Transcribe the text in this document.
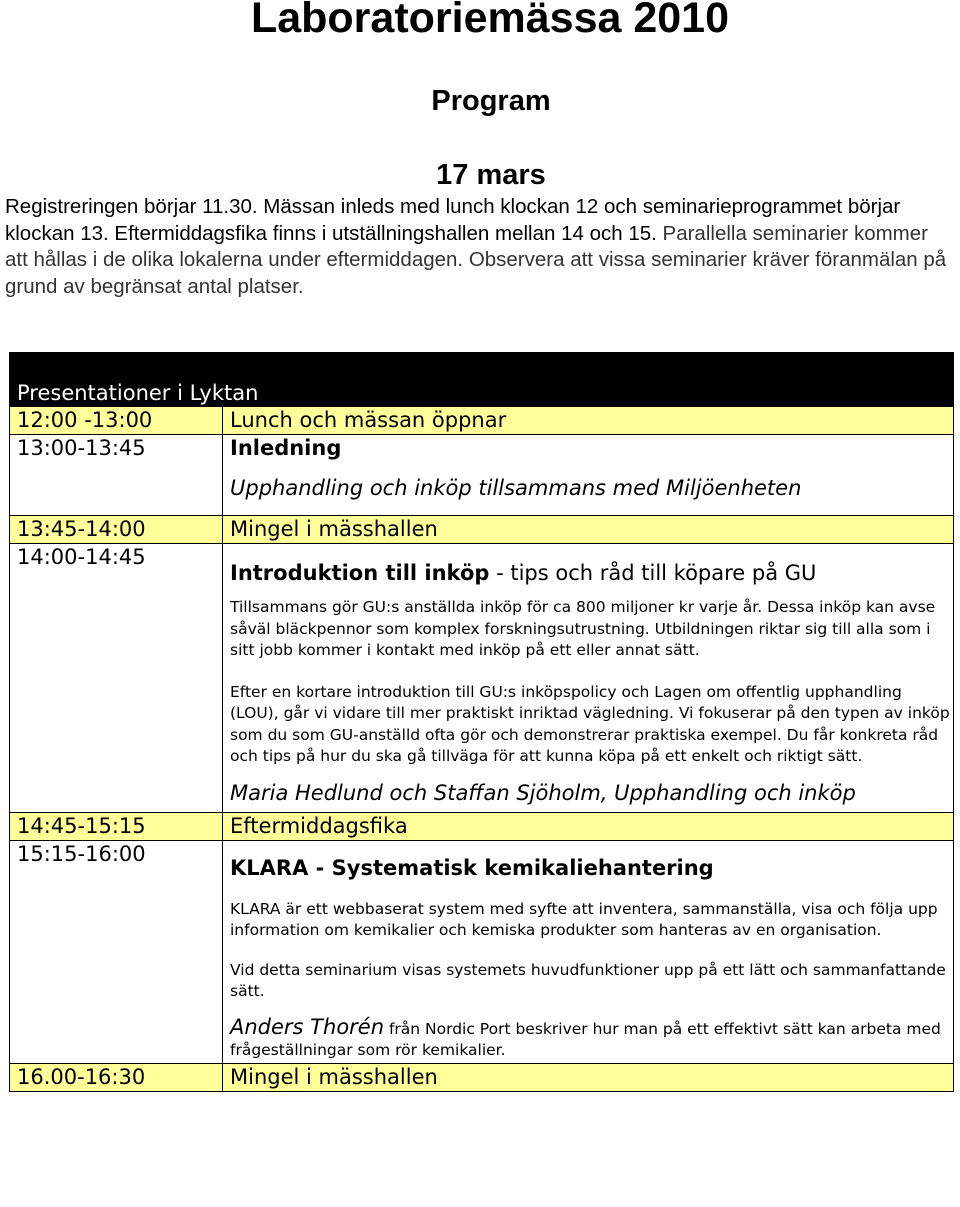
Laboratoriemässa 2010
Program
17 mars
Registreringen börjar 11.30. Mässan inleds med lunch klockan 12 och seminarieprogrammet börjar klockan 13. Eftermiddagsfika finns i utställningshallen mellan 14 och 15. Parallella seminarier kommer att hållas i de olika lokalerna under eftermiddagen. Observera att vissa seminarier kräver föranmälan på grund av begränsat antal platser.

Presentationer i Lyktan	
12:00 -13:00	Lunch och mässan öppnar
13:00-13:45	Inledning
Upphandling och inköp tillsammans med Miljöenheten

13:45-14:00	Mingel i mässhallen
14:00-14:45	Introduktion till inköp - tips och råd till köpare på GU
Tillsammans gör GU:s anställda inköp för ca 800 miljoner kr varje år. Dessa inköp kan avse såväl bläckpennor som komplex forskningsutrustning. Utbildningen riktar sig till alla som i sitt jobb kommer i kontakt med inköp på ett eller annat sätt.
Efter en kortare introduktion till GU:s inköpspolicy och Lagen om offentlig upphandling (LOU), går vi vidare till mer praktiskt inriktad vägledning. Vi fokuserar på den typen av inköp som du som GU-anställd ofta gör och demonstrerar praktiska exempel. Du får konkreta råd och tips på hur du ska gå tillväga för att kunna köpa på ett enkelt och riktigt sätt.
Maria Hedlund och Staffan Sjöholm, Upphandling och inköp

14:45-15:15	Eftermiddagsfika
15:15-16:00	KLARA - Systematisk kemikaliehantering
KLARA är ett webbaserat system med syfte att inventera, sammanställa, visa och följa upp information om kemikalier och kemiska produkter som hanteras av en organisation.
Vid detta seminarium visas systemets huvudfunktioner upp på ett lätt och sammanfattande sätt.
Anders Thorén från Nordic Port beskriver hur man på ett effektivt sätt kan arbeta med frågeställningar som rör kemikalier.

16.00-16:30	Mingel i mässhallen
